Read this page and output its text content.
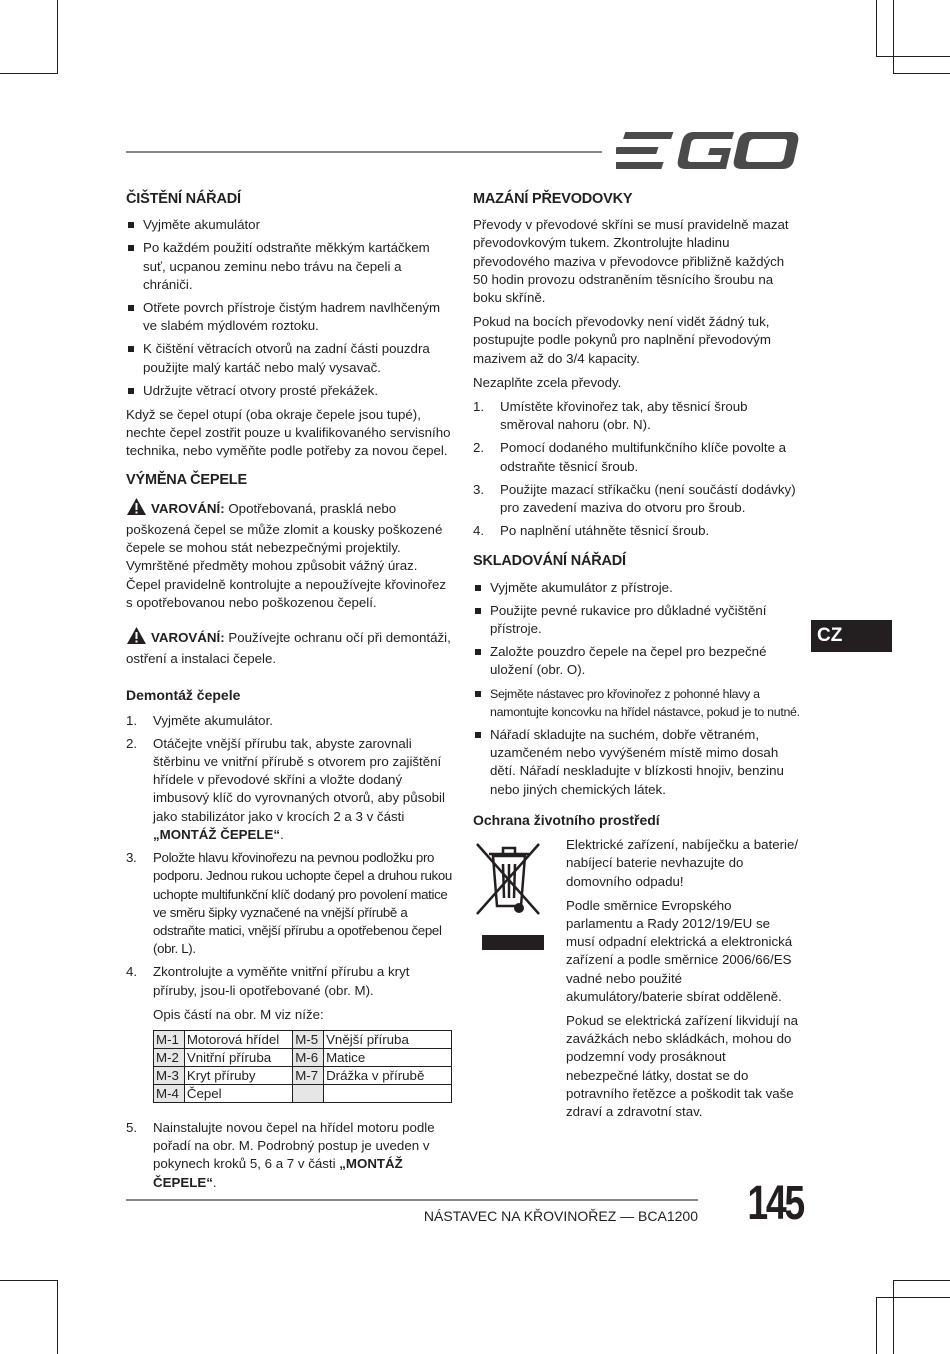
ČIŠTĚNÍ NÁŘADÍ
Vyjměte akumulátor
Po každém použití odstraňte měkkým kartáčkem suť, ucpanou zeminu nebo trávu na čepeli a chrániči.
Otřete povrch přístroje čistým hadrem navlhčeným ve slabém mýdlovém roztoku.
K čištění větracích otvorů na zadní části pouzdra použijte malý kartáč nebo malý vysavač.
Udržujte větrací otvory prosté překážek.

Když se čepel otupí (oba okraje čepele jsou tupé), nechte čepel zostřit pouze u kvalifikovaného servisního technika, nebo vyměňte podle potřeby za novou čepel.

VÝMĚNA ČEPELE

VAROVÁNÍ: Opotřebovaná, prasklá nebo poškozená čepel se může zlomit a kousky poškozené čepele se mohou stát nebezpečnými projektily. Vymrštěné předměty mohou způsobit vážný úraz. Čepel pravidelně kontrolujte a nepoužívejte křovinořez s opotřebovanou nebo poškozenou čepelí.

VAROVÁNÍ: Používejte ochranu očí při demontáži, ostření a instalaci čepele.

Demontáž čepele
1. Vyjměte akumulátor.
2. Otáčejte vnější přírubu tak, abyste zarovnali štěrbinu ve vnitřní přírubě s otvorem pro zajištění hřídele v převodové skříni a vložte dodaný imbusový klíč do vyrovnaných otvorů, aby působil jako stabilizátor jako v krocích 2 a 3 v části „MONTÁŽ ČEPELE“.
3. Položte hlavu křovinořezu na pevnou podložku pro podporu. Jednou rukou uchopte čepel a druhou rukou uchopte multifunkční klíč dodaný pro povolení matice ve směru šipky vyznačené na vnější přírubě a odstraňte matici, vnější přírubu a opotřebenou čepel (obr. L).
4. Zkontrolujte a vyměňte vnitřní přírubu a kryt příruby, jsou-li opotřebované (obr. M).

Opis částí na obr. M viz níže:

M-1	Motorová hřídel	M-5	Vnější příruba
M-2	Vnitřní příruba	M-6	Matice
M-3	Kryt příruby	M-7	Drážka v přírubě
M-4	Čepel		
5. Nainstalujte novou čepel na hřídel motoru podle pořadí na obr. M. Podrobný postup je uveden v pokynech kroků 5, 6 a 7 v části „MONTÁŽ ČEPELE“.
MAZÁNÍ PŘEVODOVKY

Převody v převodové skříni se musí pravidelně mazat převodovkovým tukem. Zkontrolujte hladinu převodového maziva v převodovce přibližně každých 50 hodin provozu odstraněním těsnícího šroubu na boku skříně.

Pokud na bocích převodovky není vidět žádný tuk, postupujte podle pokynů pro naplnění převodovým mazivem až do 3/4 kapacity.

Nezaplňte zcela převody.

1. Umístěte křovinořez tak, aby těsnicí šroub směroval nahoru (obr. N).
2. Pomocí dodaného multifunkčního klíče povolte a odstraňte těsnicí šroub.
3. Použijte mazací stříkačku (není součástí dodávky) pro zavedení maziva do otvoru pro šroub.
4. Po naplnění utáhněte těsnicí šroub.
SKLADOVÁNÍ NÁŘADÍ
Vyjměte akumulátor z přístroje.
Použijte pevné rukavice pro důkladné vyčištění přístroje.
Založte pouzdro čepele na čepel pro bezpečné uložení (obr. O).
Sejměte nástavec pro křovinořez z pohonné hlavy a namontujte koncovku na hřídel nástavce, pokud je to nutné.
Nářadí skladujte na suchém, dobře větraném, uzamčeném nebo vyvýšeném místě mimo dosah dětí. Nářadí neskladujte v blízkosti hnojiv, benzinu nebo jiných chemických látek.
Ochrana životního prostředí

Elektrické zařízení, nabíječku a baterie/ nabíjecí baterie nevhazujte do domovního odpadu!

Podle směrnice Evropského parlamentu a Rady 2012/19/EU se musí odpadní elektrická a elektronická zařízení a podle směrnice 2006/66/ES vadné nebo použité akumulátory/baterie sbírat odděleně.

Pokud se elektrická zařízení likvidují na zavážkách nebo skládkách, mohou do podzemní vody prosáknout nebezpečné látky, dostat se do potravního řetězce a poškodit tak vaše zdraví a zdravotní stav.

CZ
NÁSTAVEC NA KŘOVINOŘEZ — BCA1200 145
